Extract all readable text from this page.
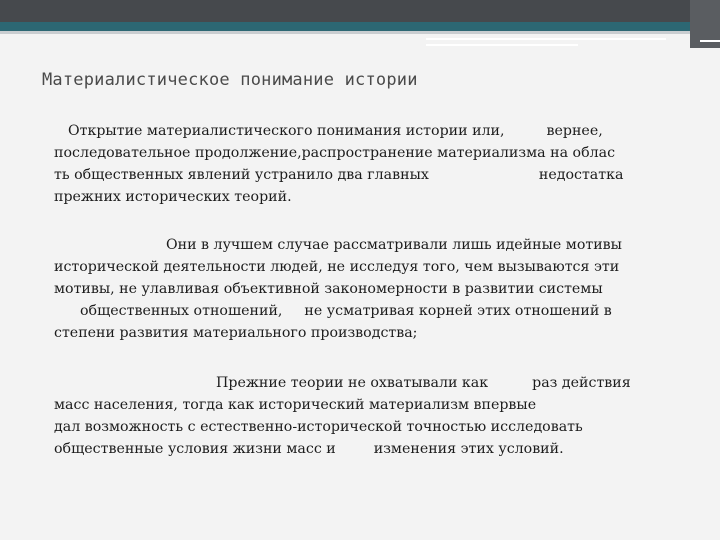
Материалистическое понимание истории
Открытие материалистического понимания истории или,	вернее,
последовательное продолжение,распространение материализма на облас
ть общественных явлений устранило два главных	недостатка
прежних исторических теорий.
Они в лучшем случае рассматривали лишь идейные мотивы
исторической деятельности людей, не исследуя того, чем вызываются эти
мотивы, не улавливая объективной закономерности в развитии системы
общественных отношений, не усматривая корней этих отношений в
степени развития материального производства;
Прежние теории не охватывали как	раз действия
масс населения, тогда как исторический материализм впервые
дал возможность с естественно-исторической точностью исследовать
общественные условия жизни масс и	изменения этих условий.
